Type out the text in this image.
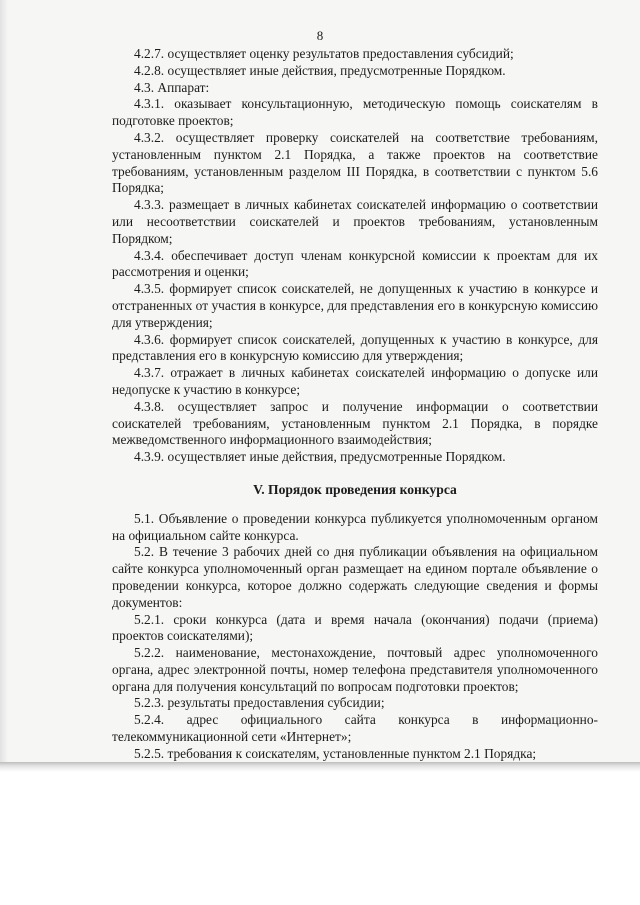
8

4.2.7. осуществляет оценку результатов предоставления субсидий;

4.2.8. осуществляет иные действия, предусмотренные Порядком.

4.3. Аппарат:

4.3.1. оказывает консультационную, методическую помощь соискателям в подготовке проектов;

4.3.2. осуществляет проверку соискателей на соответствие требованиям, установленным пунктом 2.1 Порядка, а также проектов на соответствие требованиям, установленным разделом III Порядка, в соответствии с пунктом 5.6 Порядка;

4.3.3. размещает в личных кабинетах соискателей информацию о соответствии или несоответствии соискателей и проектов требованиям, установленным Порядком;

4.3.4. обеспечивает доступ членам конкурсной комиссии к проектам для их рассмотрения и оценки;

4.3.5. формирует список соискателей, не допущенных к участию в конкурсе и отстраненных от участия в конкурсе, для представления его в конкурсную комиссию для утверждения;

4.3.6. формирует список соискателей, допущенных к участию в конкурсе, для представления его в конкурсную комиссию для утверждения;

4.3.7. отражает в личных кабинетах соискателей информацию о допуске или недопуске к участию в конкурсе;

4.3.8. осуществляет запрос и получение информации о соответствии соискателей требованиям, установленным пунктом 2.1 Порядка, в порядке межведомственного информационного взаимодействия;

4.3.9. осуществляет иные действия, предусмотренные Порядком.

V. Порядок проведения конкурса

5.1. Объявление о проведении конкурса публикуется уполномоченным органом на официальном сайте конкурса.

5.2. В течение 3 рабочих дней со дня публикации объявления на официальном сайте конкурса уполномоченный орган размещает на едином портале объявление о проведении конкурса, которое должно содержать следующие сведения и формы документов:

5.2.1. сроки конкурса (дата и время начала (окончания) подачи (приема) проектов соискателями);

5.2.2. наименование, местонахождение, почтовый адрес уполномоченного органа, адрес электронной почты, номер телефона представителя уполномоченного органа для получения консультаций по вопросам подготовки проектов;

5.2.3. результаты предоставления субсидии;

5.2.4. адрес официального сайта конкурса в информационно-телекоммуникационной сети «Интернет»;

5.2.5. требования к соискателям, установленные пунктом 2.1 Порядка;
